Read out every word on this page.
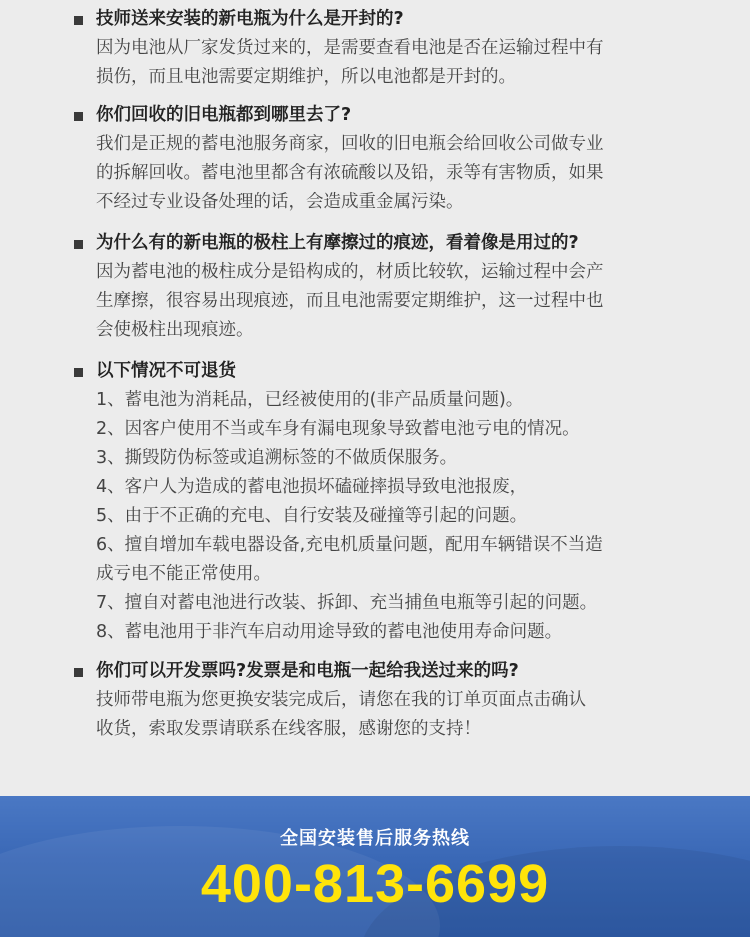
技师送来安装的新电瓶为什么是开封的?
因为电池从厂家发货过来的，是需要查看电池是否在运输过程中有
损伤，而且电池需要定期维护，所以电池都是开封的。
你们回收的旧电瓶都到哪里去了?
我们是正规的蓄电池服务商家，回收的旧电瓶会给回收公司做专业
的拆解回收。蓄电池里都含有浓硫酸以及铅，汞等有害物质，如果
不经过专业设备处理的话，会造成重金属污染。
为什么有的新电瓶的极柱上有摩擦过的痕迹，看着像是用过的?
因为蓄电池的极柱成分是铅构成的，材质比较软，运输过程中会产
生摩擦，很容易出现痕迹，而且电池需要定期维护，这一过程中也
会使极柱出现痕迹。
以下情况不可退货
1、蓄电池为消耗品，已经被使用的(非产品质量问题)。
2、因客户使用不当或车身有漏电现象导致蓄电池亏电的情况。
3、撕毁防伪标签或追溯标签的不做质保服务。
4、客户人为造成的蓄电池损坏磕碰摔损导致电池报废，
5、由于不正确的充电、自行安装及碰撞等引起的问题。
6、擅自增加车载电器设备,充电机质量问题，配用车辆错误不当造
成亏电不能正常使用。
7、擅自对蓄电池进行改装、拆卸、充当捕鱼电瓶等引起的问题。
8、蓄电池用于非汽车启动用途导致的蓄电池使用寿命问题。
你们可以开发票吗?发票是和电瓶一起给我送过来的吗?
技师带电瓶为您更换安装完成后，请您在我的订单页面点击确认
收货，索取发票请联系在线客服，感谢您的支持！
全国安装售后服务热线
400-813-6699
